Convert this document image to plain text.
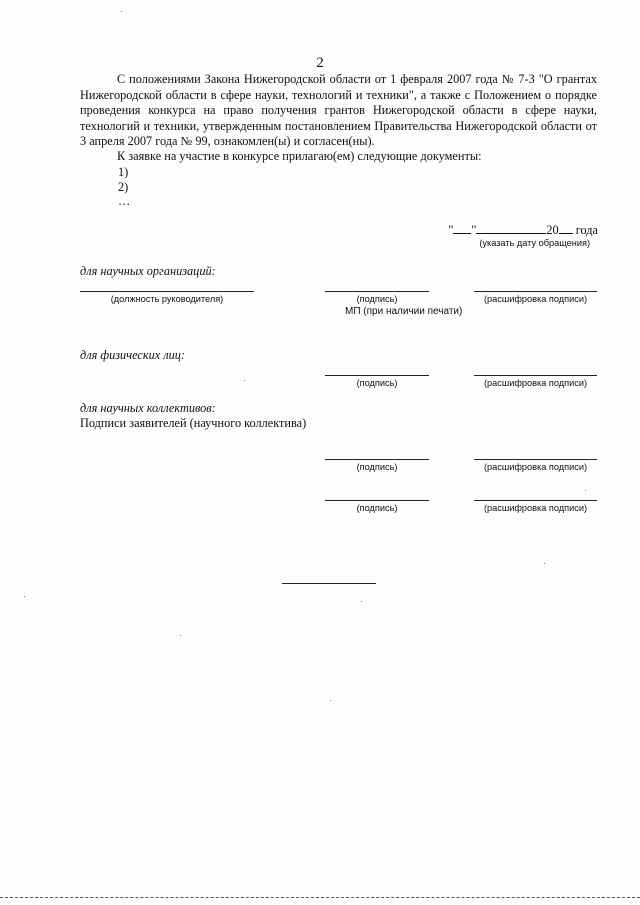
2
С положениями Закона Нижегородской области от 1 февраля 2007 года № 7-З "О грантах Нижегородской области в сфере науки, технологий и техники", а также с Положением о порядке проведения конкурса на право получения грантов Нижегородской области в сфере науки, технологий и техники, утвержденным постановлением Правительства Нижегородской области от 3 апреля 2007 года № 99, ознакомлен(ы) и согласен(ны).
К заявке на участие в конкурсе прилагаю(ем) следующие документы:
1)
2)
…
" "	20 года
(указать дату обращения)
для научных организаций:
(должность руководителя)	(подпись)	(расшифровка подписи)
МП (при наличии печати)
для физических лиц:
(подпись)	(расшифровка подписи)
для научных коллективов:
Подписи заявителей (научного коллектива)
(подпись)	(расшифровка подписи)
(подпись)	(расшифровка подписи)
